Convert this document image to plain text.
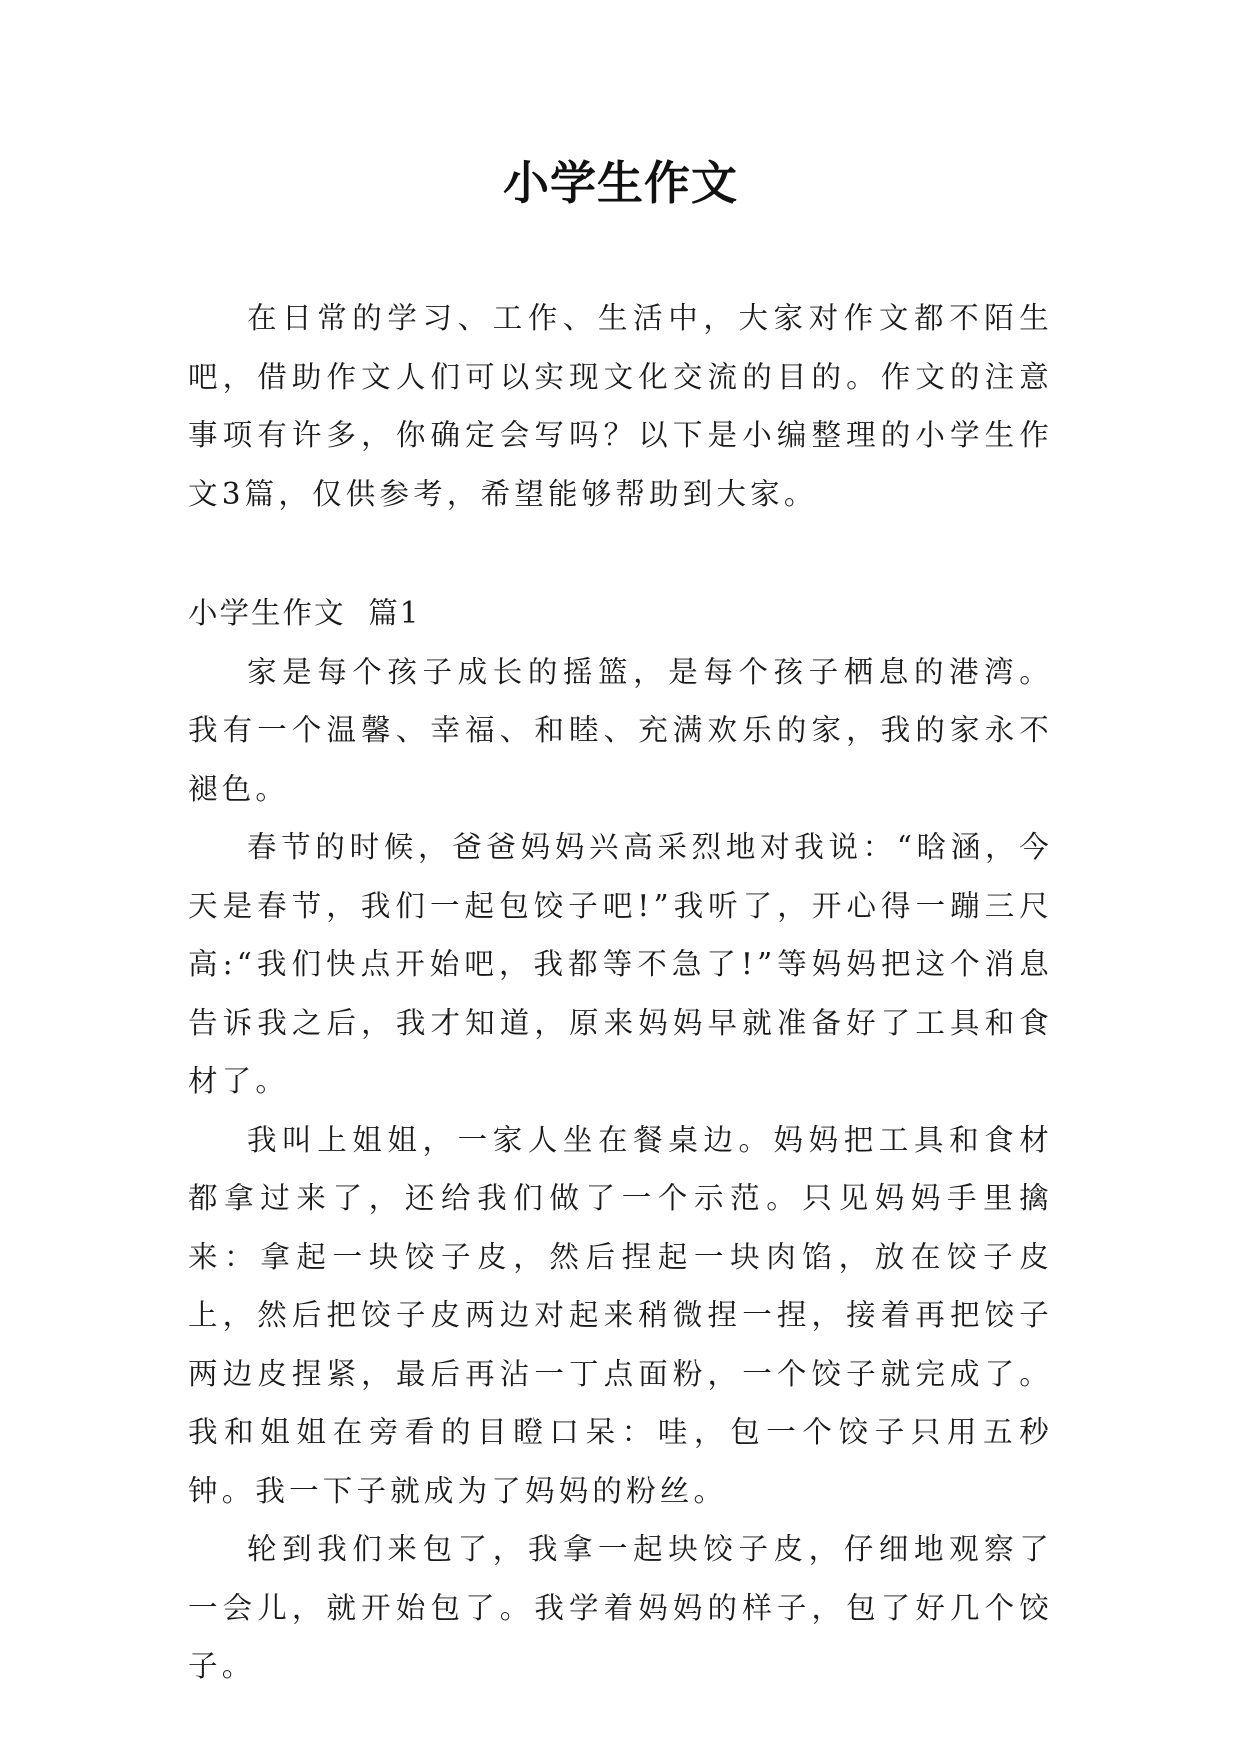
小学生作文

在日常的学习、工作、生活中，大家对作文都不陌生吧，借助作文人们可以实现文化交流的目的。作文的注意事项有许多，你确定会写吗？以下是小编整理的小学生作文3篇，仅供参考，希望能够帮助到大家。

小学生作文  篇1

家是每个孩子成长的摇篮，是每个孩子栖息的港湾。我有一个温馨、幸福、和睦、充满欢乐的家，我的家永不褪色。

春节的时候，爸爸妈妈兴高采烈地对我说：“晗涵，今天是春节，我们一起包饺子吧!”我听了，开心得一蹦三尺高:“我们快点开始吧，我都等不急了!”等妈妈把这个消息告诉我之后，我才知道，原来妈妈早就准备好了工具和食材了。

我叫上姐姐，一家人坐在餐桌边。妈妈把工具和食材都拿过来了，还给我们做了一个示范。只见妈妈手里擒来：拿起一块饺子皮，然后捏起一块肉馅，放在饺子皮上，然后把饺子皮两边对起来稍微捏一捏，接着再把饺子两边皮捏紧，最后再沾一丁点面粉，一个饺子就完成了。我和姐姐在旁看的目瞪口呆：哇，包一个饺子只用五秒钟。我一下子就成为了妈妈的粉丝。

轮到我们来包了，我拿一起块饺子皮，仔细地观察了一会儿，就开始包了。我学着妈妈的样子，包了好几个饺子。
